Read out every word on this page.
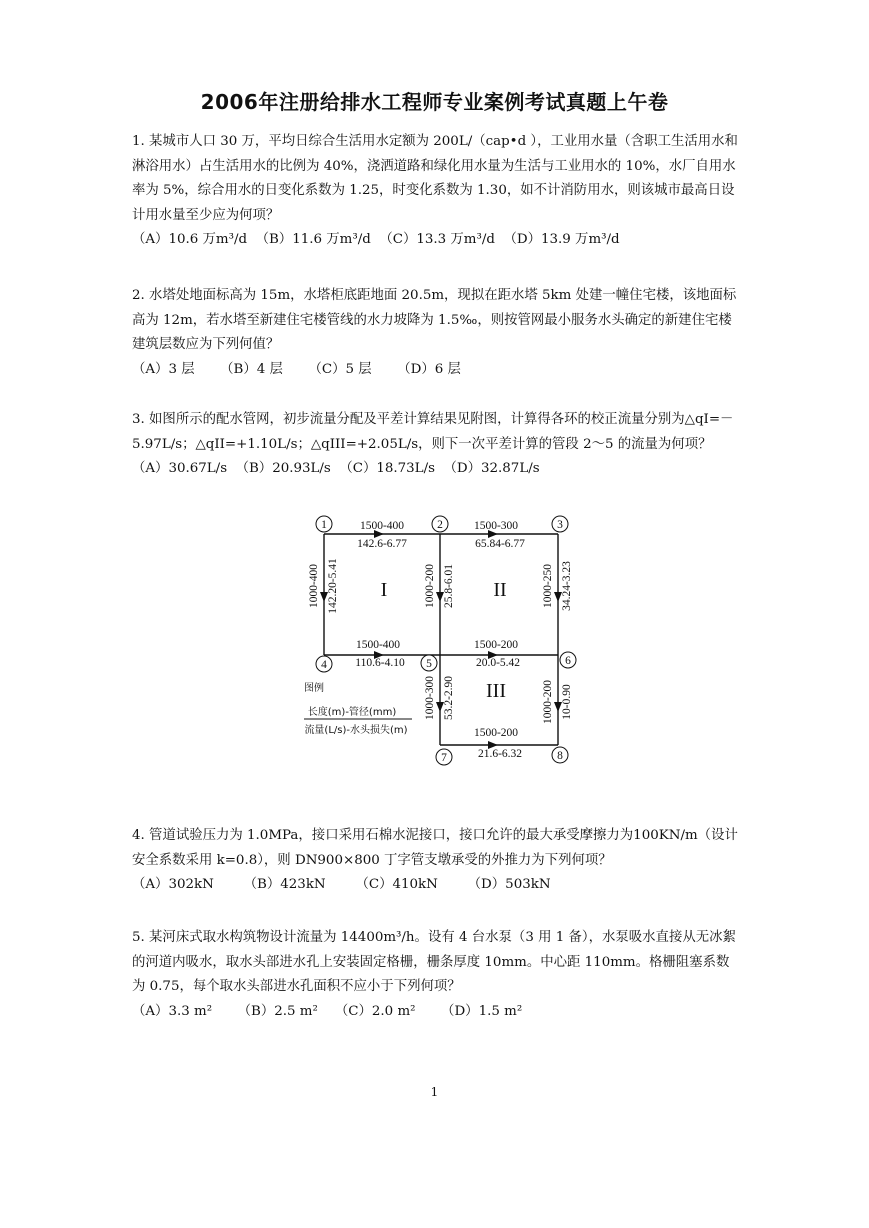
2006年注册给排水工程师专业案例考试真题上午卷

1. 某城市人口 30 万，平均日综合生活用水定额为 200L/（cap•d ），工业用水量（含职工生活用水和淋浴用水）占生活用水的比例为 40%，浇洒道路和绿化用水量为生活与工业用水的 10%，水厂自用水率为 5%，综合用水的日变化系数为 1.25，时变化系数为 1.30，如不计消防用水，则该城市最高日设计用水量至少应为何项？

（A）10.6 万m³/d  （B）11.6 万m³/d  （C）13.3 万m³/d  （D）13.9 万m³/d

2. 水塔处地面标高为 15m，水塔柜底距地面 20.5m，现拟在距水塔 5km 处建一幢住宅楼，该地面标高为 12m，若水塔至新建住宅楼管线的水力坡降为 1.5‰，则按管网最小服务水头确定的新建住宅楼建筑层数应为下列何值？

（A）3 层      （B）4 层      （C）5 层      （D）6 层

3. 如图所示的配水管网，初步流量分配及平差计算结果见附图，计算得各环的校正流量分别为△qⅠ=－5.97L/s；△qII=+1.10L/s；△qIII=+2.05L/s，则下一次平差计算的管段 2～5 的流量为何项？

（A）30.67L/s  （B）20.93L/s  （C）18.73L/s  （D）32.87L/s

1	2	3
4	5	6
7	8
1500-400
142.6-6.77
1500-300
65.84-6.77
1500-400
110.6-4.10
1500-200
20.0-5.42
1500-200
21.6-6.32
1000-400 142.20-5.41	1000-200 25.8-6.01	1000-250 34.24-3.23
1000-300 53.2-2.90	1000-200 10-0.90
I	II
III
图例
长度(m)-管径(mm)
流量(L/s)-水头损失(m)

4. 管道试验压力为 1.0MPa，接口采用石棉水泥接口，接口允许的最大承受摩擦力为100KN/m（设计安全系数采用 k=0.8），则 DN900×800 丁字管支墩承受的外推力为下列何项？

（A）302kN       （B）423kN       （C）410kN       （D）503kN

5. 某河床式取水构筑物设计流量为 14400m³/h。设有 4 台水泵（3 用 1 备），水泵吸水直接从无冰絮的河道内吸水，取水头部进水孔上安装固定格栅，栅条厚度 10mm。中心距 110mm。格栅阻塞系数为 0.75，每个取水头部进水孔面积不应小于下列何项？

（A）3.3 m²      （B）2.5 m²    （C）2.0 m²      （D）1.5 m²

1
